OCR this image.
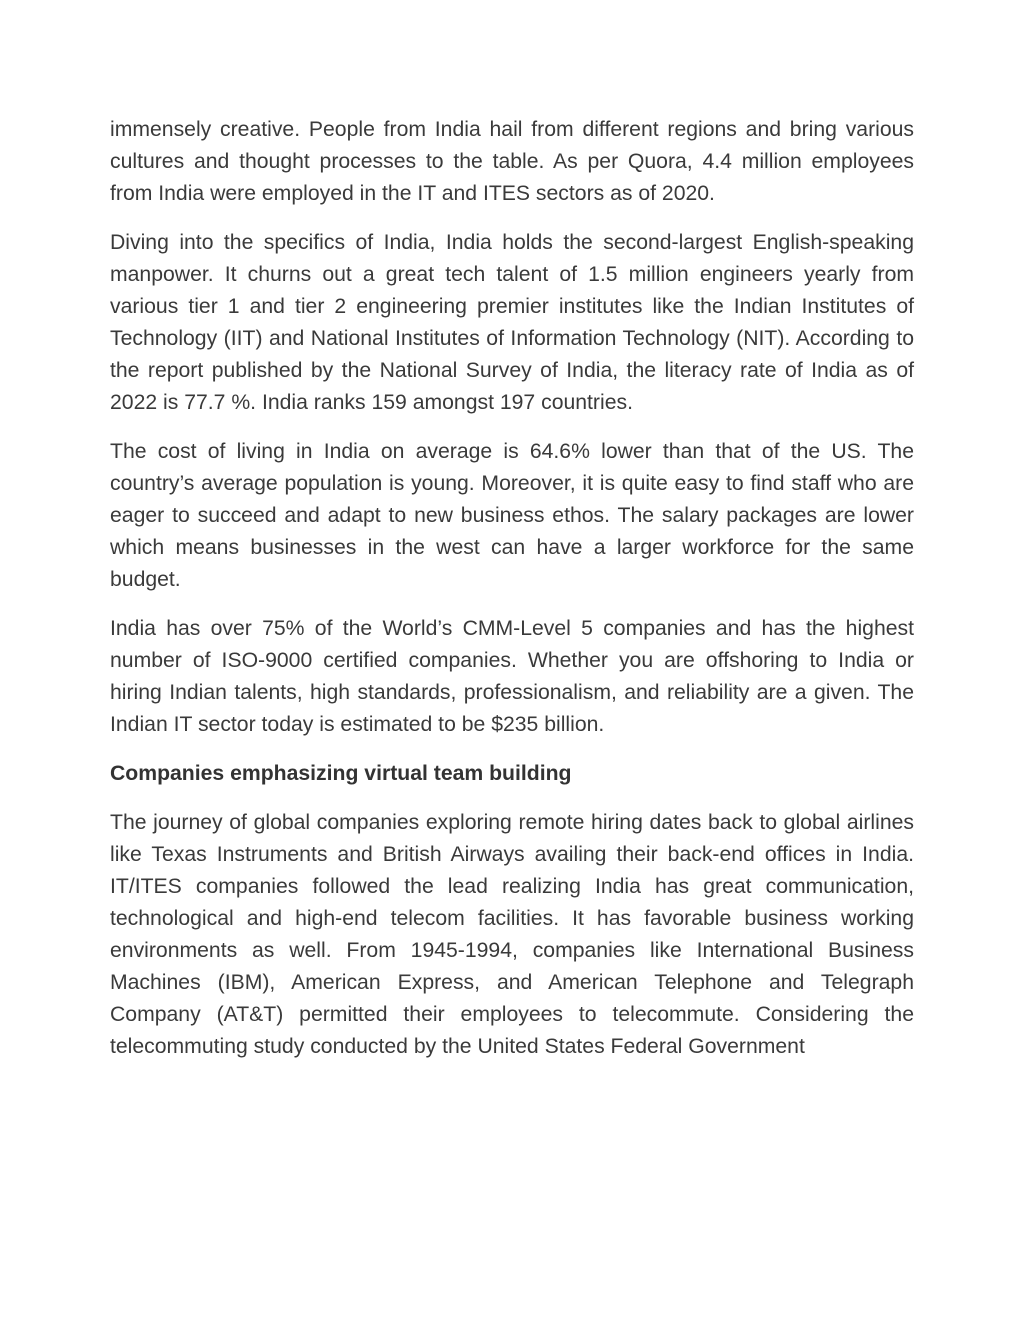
immensely creative. People from India hail from different regions and bring various cultures and thought processes to the table. As per Quora, 4.4 million employees from India were employed in the IT and ITES sectors as of 2020.

Diving into the specifics of India, India holds the second-largest English-speaking manpower. It churns out a great tech talent of 1.5 million engineers yearly from various tier 1 and tier 2 engineering premier institutes like the Indian Institutes of Technology (IIT) and National Institutes of Information Technology (NIT). According to the report published by the National Survey of India, the literacy rate of India as of 2022 is 77.7 %. India ranks 159 amongst 197 countries.

The cost of living in India on average is 64.6% lower than that of the US. The country’s average population is young. Moreover, it is quite easy to find staff who are eager to succeed and adapt to new business ethos. The salary packages are lower which means businesses in the west can have a larger workforce for the same budget.

India has over 75% of the World’s CMM-Level 5 companies and has the highest number of ISO-9000 certified companies. Whether you are offshoring to India or hiring Indian talents, high standards, professionalism, and reliability are a given. The Indian IT sector today is estimated to be $235 billion.

Companies emphasizing virtual team building

The journey of global companies exploring remote hiring dates back to global airlines like Texas Instruments and British Airways availing their back-end offices in India. IT/ITES companies followed the lead realizing India has great communication, technological and high-end telecom facilities. It has favorable business working environments as well. From 1945-1994, companies like International Business Machines (IBM), American Express, and American Telephone and Telegraph Company (AT&T) permitted their employees to telecommute. Considering the telecommuting study conducted by the United States Federal Government
